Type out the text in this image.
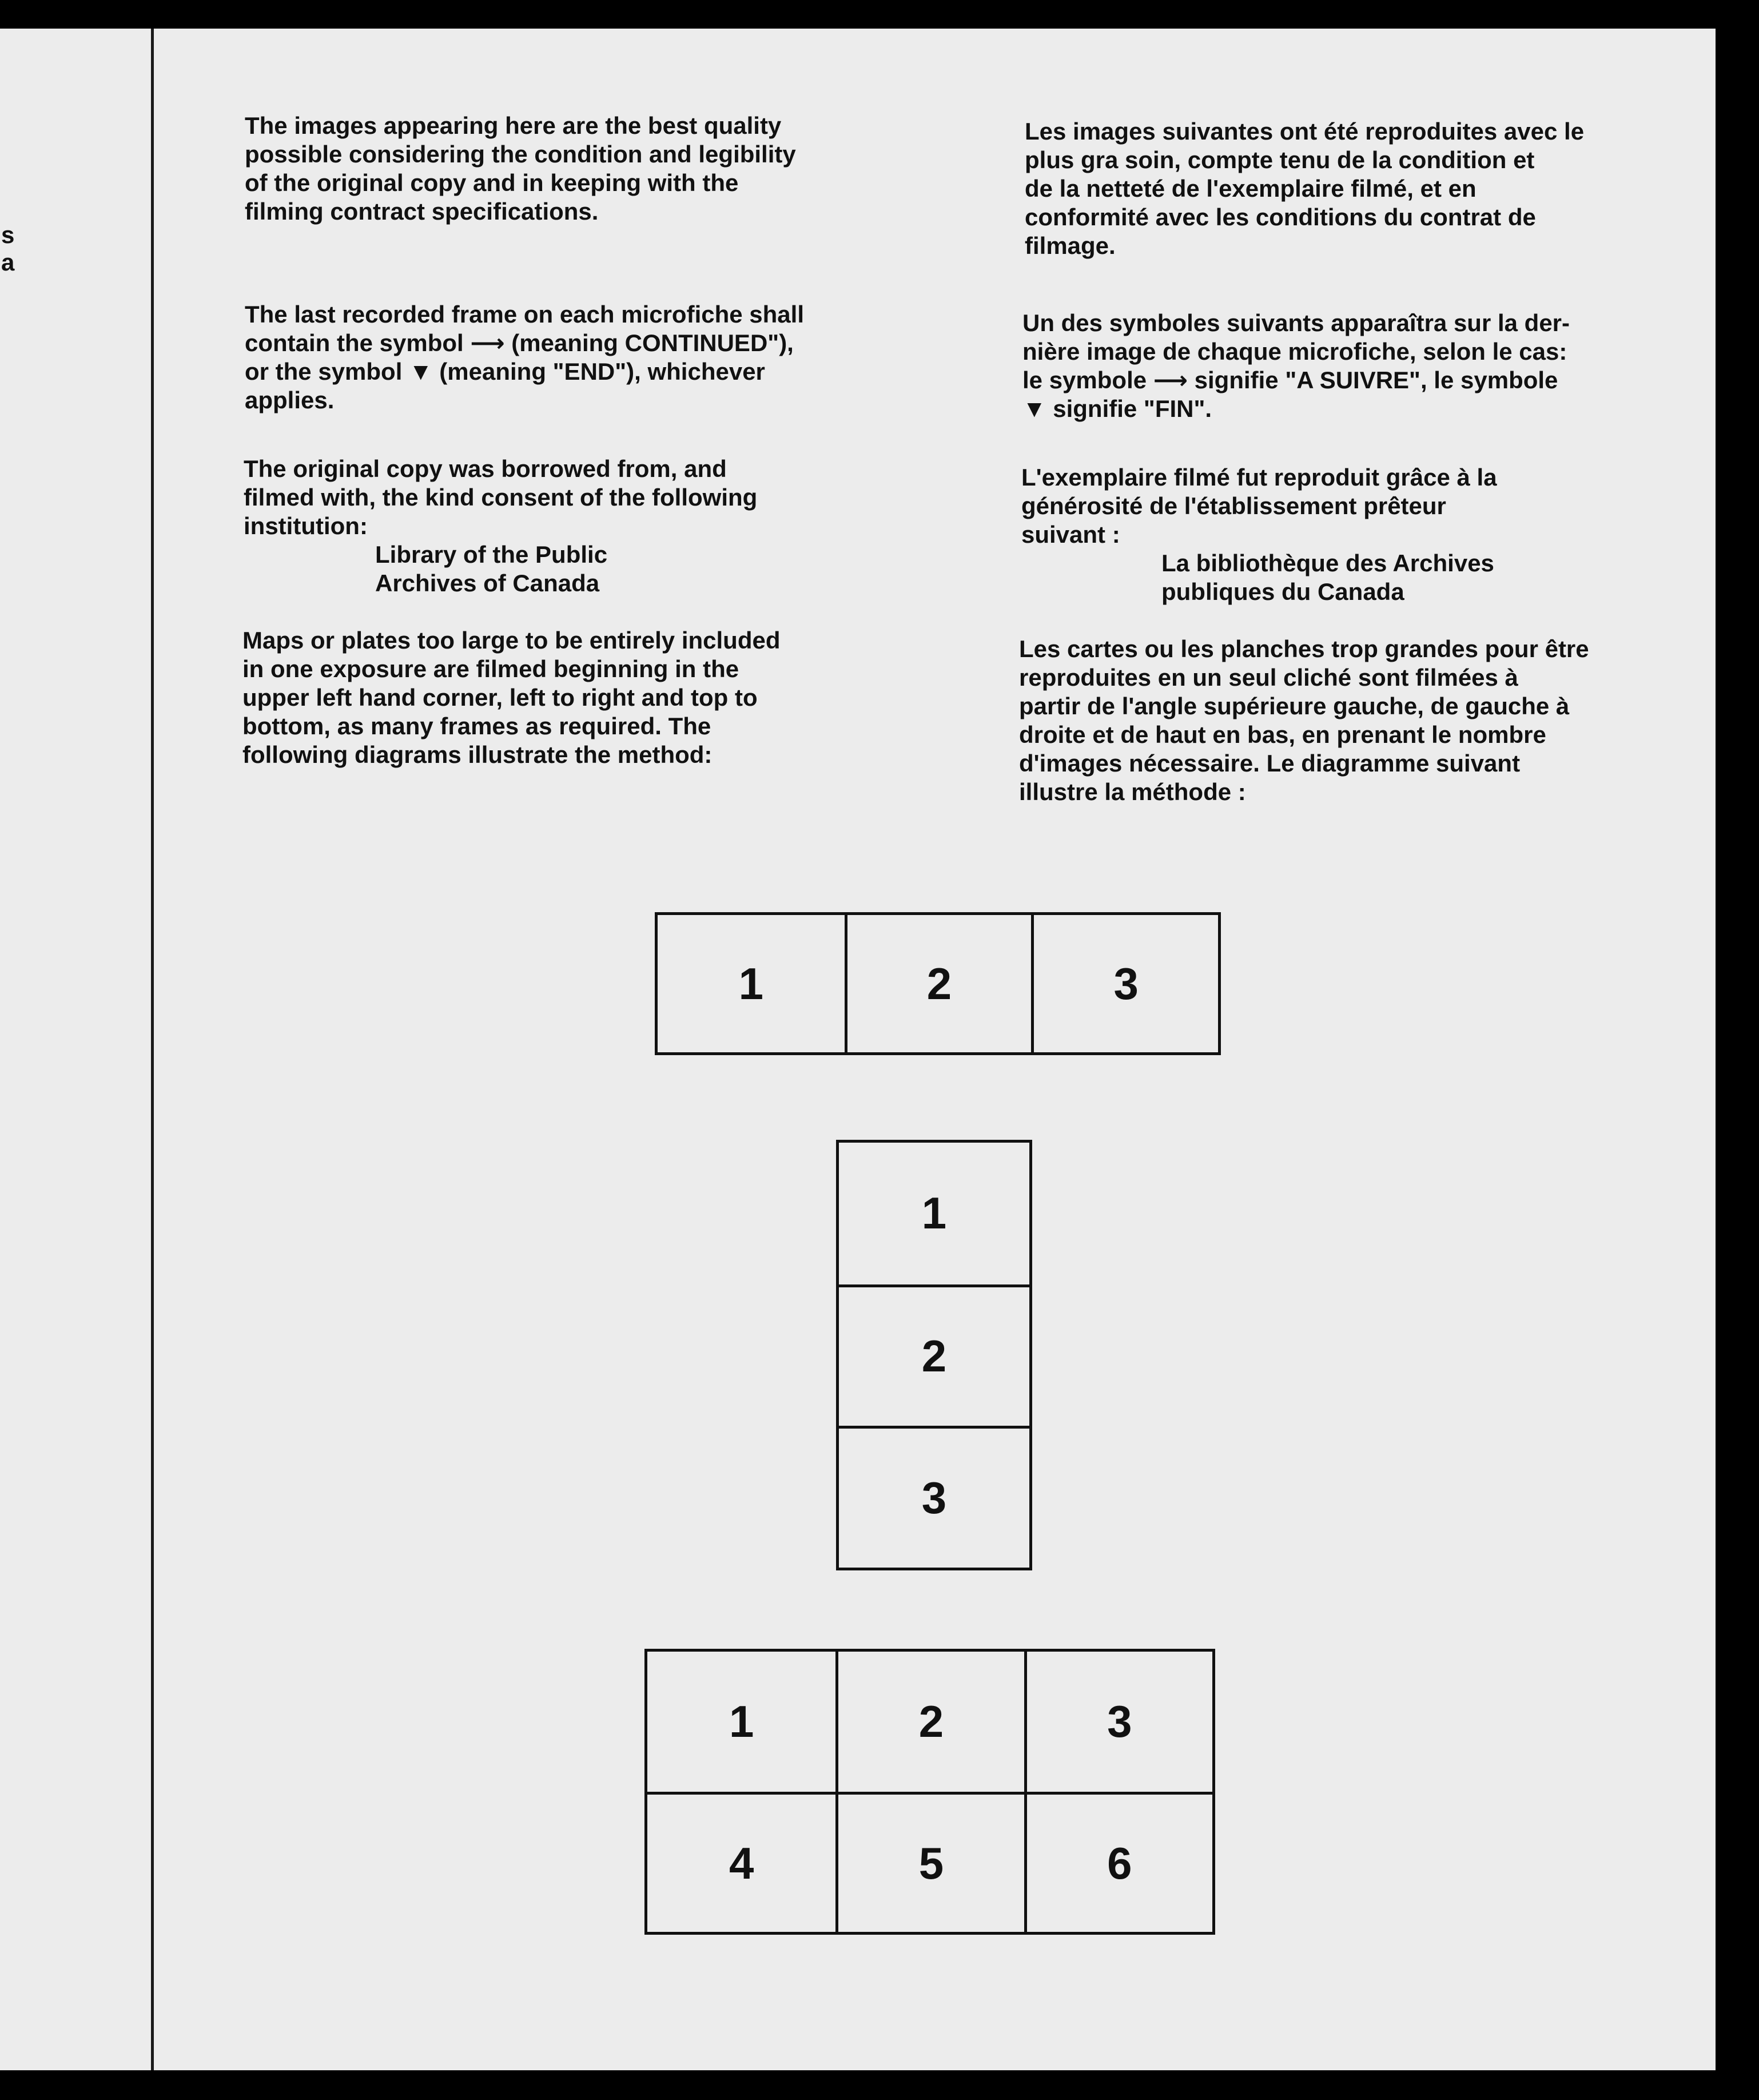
s
a

The images appearing here are the best quality
possible considering the condition and legibility
of the original copy and in keeping with the
filming contract specifications.

The last recorded frame on each microfiche shall
contain the symbol ⟶ (meaning CONTINUED"),
or the symbol ▼ (meaning "END"), whichever
applies.

The original copy was borrowed from, and
filmed with, the kind consent of the following
institution:
Library of the Public
Archives of Canada

Maps or plates too large to be entirely included
in one exposure are filmed beginning in the
upper left hand corner, left to right and top to
bottom, as many frames as required. The
following diagrams illustrate the method:

Les images suivantes ont été reproduites avec le
plus gra soin, compte tenu de la condition et
de la netteté de l'exemplaire filmé, et en
conformité avec les conditions du contrat de
filmage.

Un des symboles suivants apparaîtra sur la der-
nière image de chaque microfiche, selon le cas:
le symbole ⟶ signifie "A SUIVRE", le symbole
▼ signifie "FIN".

L'exemplaire filmé fut reproduit grâce à la
générosité de l'établissement prêteur
suivant :
La bibliothèque des Archives
publiques du Canada

Les cartes ou les planches trop grandes pour être
reproduites en un seul cliché sont filmées à
partir de l'angle supérieure gauche, de gauche à
droite et de haut en bas, en prenant le nombre
d'images nécessaire. Le diagramme suivant
illustre la méthode :

1	2	3
1
2
3
1	2	3
4	5	6
